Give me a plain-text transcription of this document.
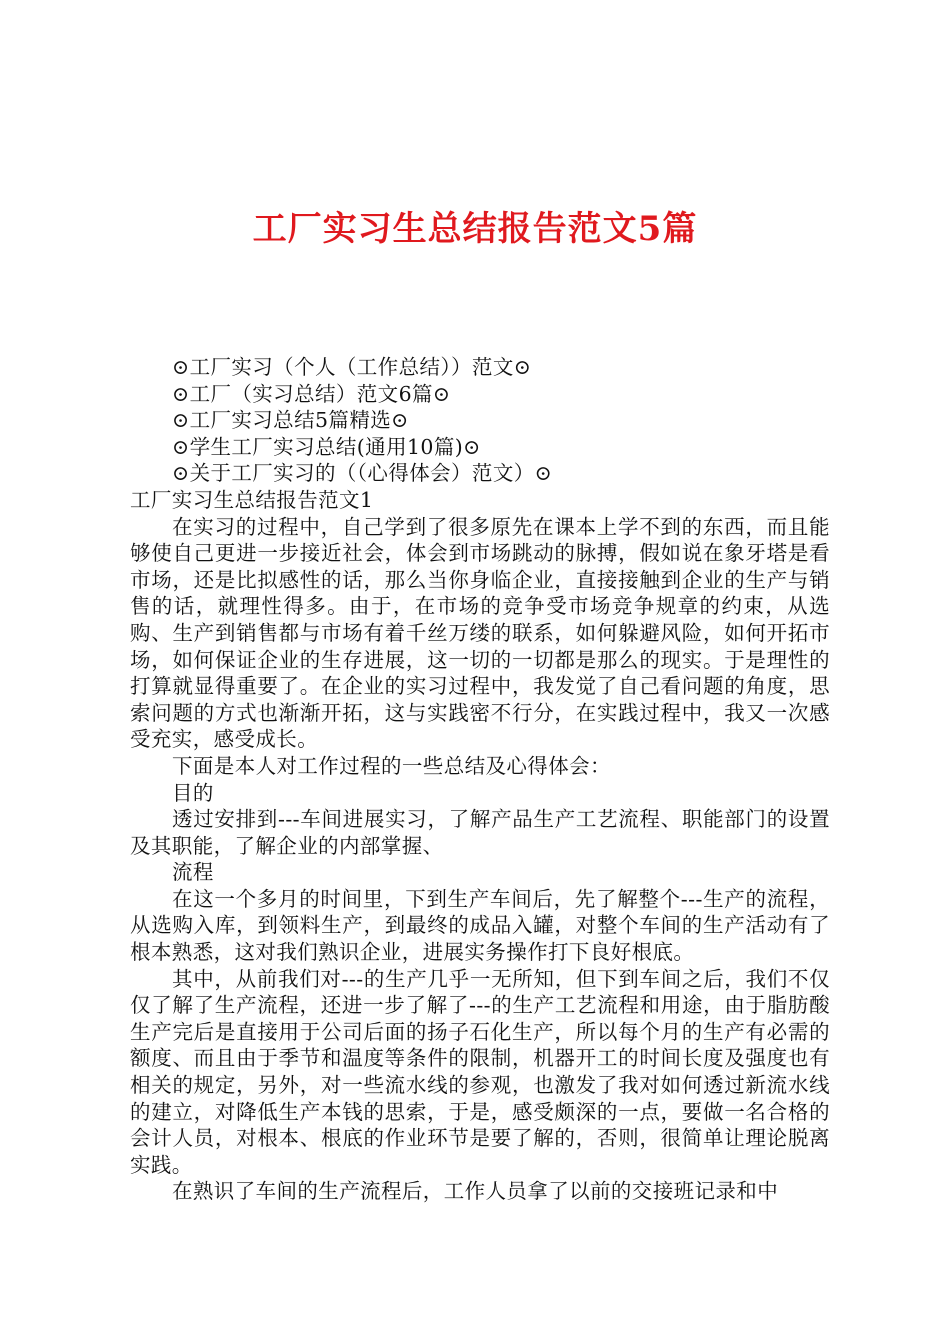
工厂实习生总结报告范文5篇

⊙工厂实习（个人（工作总结））范文⊙

⊙工厂（实习总结）范文6篇⊙

⊙工厂实习总结5篇精选⊙

⊙学生工厂实习总结(通用10篇)⊙

⊙关于工厂实习的（（心得体会）范文）⊙

工厂实习生总结报告范文1

在实习的过程中，自己学到了很多原先在课本上学不到的东西，而且能够使自己更进一步接近社会，体会到市场跳动的脉搏，假如说在象牙塔是看市场，还是比拟感性的话，那么当你身临企业，直接接触到企业的生产与销售的话，就理性得多。由于，在市场的竞争受市场竞争规章的约束，从选购、生产到销售都与市场有着千丝万缕的联系，如何躲避风险，如何开拓市场，如何保证企业的生存进展，这一切的一切都是那么的现实。于是理性的打算就显得重要了。在企业的实习过程中，我发觉了自己看问题的角度，思索问题的方式也渐渐开拓，这与实践密不行分，在实践过程中，我又一次感受充实，感受成长。

下面是本人对工作过程的一些总结及心得体会：

目的

透过安排到---车间进展实习，了解产品生产工艺流程、职能部门的设置及其职能，了解企业的内部掌握、

流程

在这一个多月的时间里，下到生产车间后，先了解整个---生产的流程，从选购入库，到领料生产，到最终的成品入罐，对整个车间的生产活动有了根本熟悉，这对我们熟识企业，进展实务操作打下良好根底。

其中，从前我们对---的生产几乎一无所知，但下到车间之后，我们不仅仅了解了生产流程，还进一步了解了---的生产工艺流程和用途，由于脂肪酸生产完后是直接用于公司后面的扬子石化生产，所以每个月的生产有必需的额度、而且由于季节和温度等条件的限制，机器开工的时间长度及强度也有相关的规定，另外，对一些流水线的参观，也激发了我对如何透过新流水线的建立，对降低生产本钱的思索，于是，感受颇深的一点，要做一名合格的会计人员，对根本、根底的作业环节是要了解的，否则，很简单让理论脱离实践。

在熟识了车间的生产流程后，工作人员拿了以前的交接班记录和中
